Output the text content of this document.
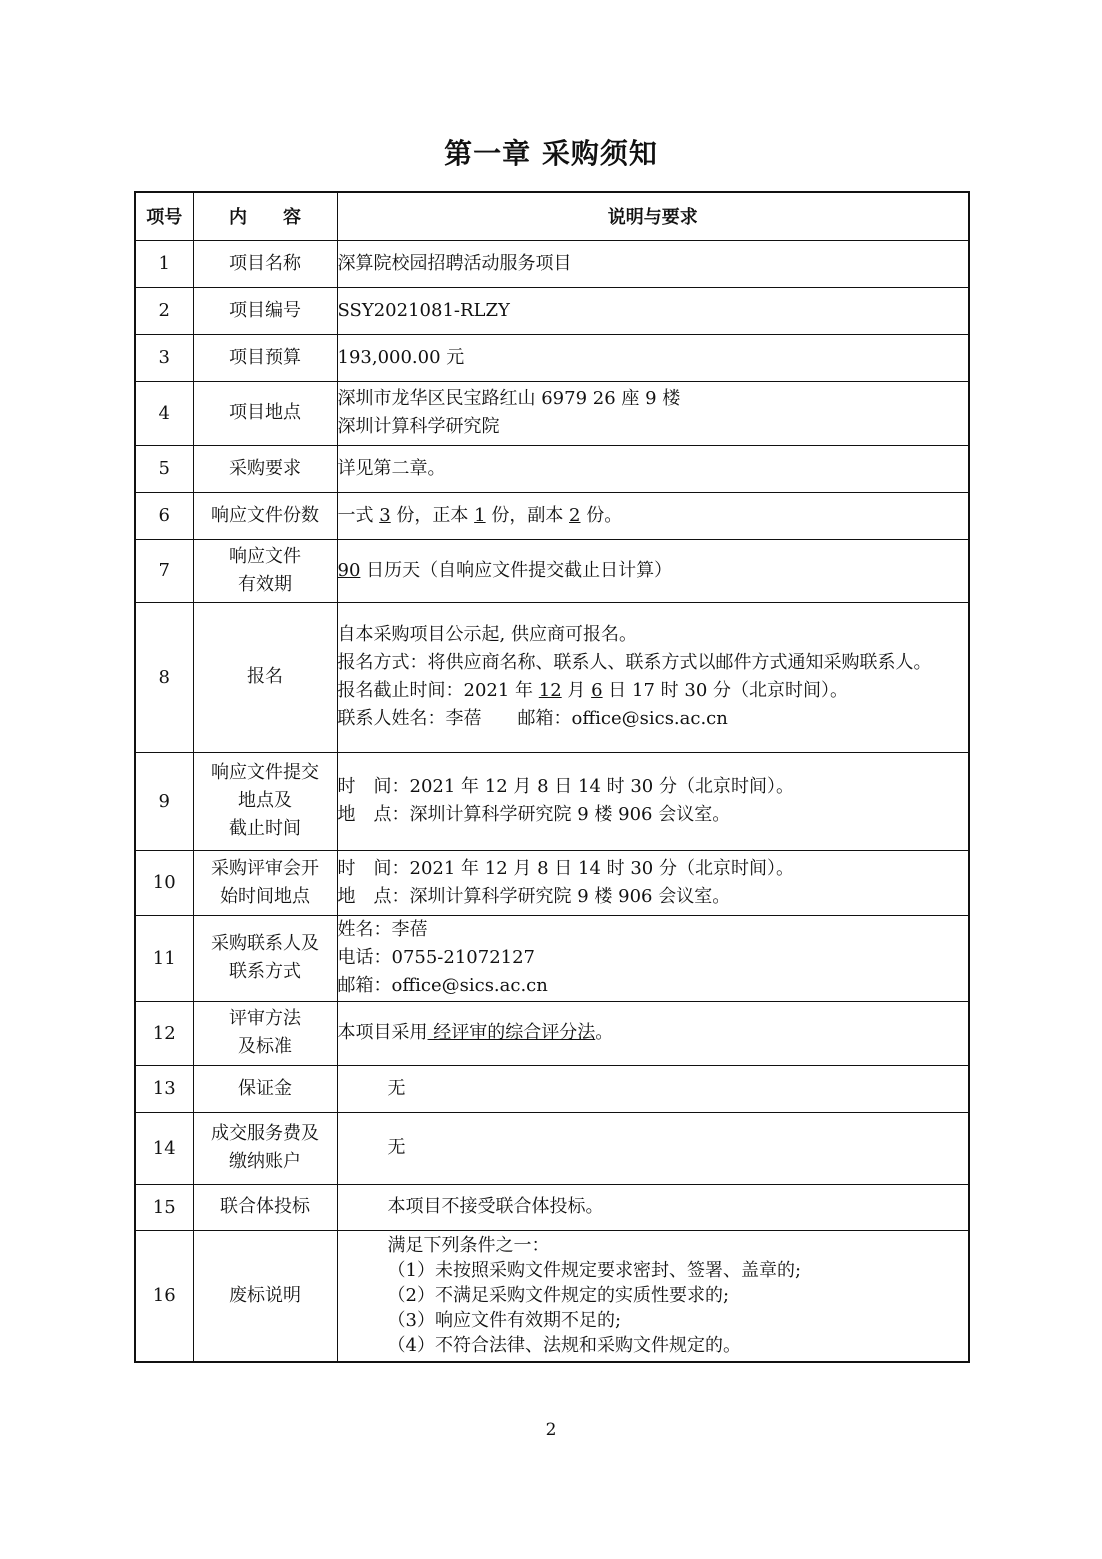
第一章 采购须知
项号	内　　容	说明与要求
1	项目名称	深算院校园招聘活动服务项目
2	项目编号	SSY2021081-RLZY
3	项目预算	193,000.00 元
4	项目地点	深圳市龙华区民宝路红山 6979 26 座 9 楼
深圳计算科学研究院

5	采购要求	详见第二章。
6	响应文件份数	一式 3 份，正本 1 份，副本 2 份。
7	响应文件
有效期	90 日历天（自响应文件提交截止日计算）
8	报名	自本采购项目公示起, 供应商可报名。
报名方式：将供应商名称、联系人、联系方式以邮件方式通知采购联系人。
报名截止时间：2021 年 12 月 6 日 17 时 30 分（北京时间）。
联系人姓名：李蓓　　邮箱：office@sics.ac.cn

9	响应文件提交
地点及
截止时间	时　间：2021 年 12 月 8 日 14 时 30 分（北京时间）。
地　点：深圳计算科学研究院 9 楼 906 会议室。

10	采购评审会开
始时间地点	时　间：2021 年 12 月 8 日 14 时 30 分（北京时间）。
地　点：深圳计算科学研究院 9 楼 906 会议室。

11	采购联系人及
联系方式	姓名：李蓓
电话：0755-21072127
邮箱：office@sics.ac.cn

12	评审方法
及标准	本项目采用 经评审的综合评分法。
13	保证金	无
14	成交服务费及
缴纳账户	无
15	联合体投标	本项目不接受联合体投标。
16	废标说明	满足下列条件之一：
（1）未按照采购文件规定要求密封、签署、盖章的;
（2）不满足采购文件规定的实质性要求的;
（3）响应文件有效期不足的;
（4）不符合法律、法规和采购文件规定的。
2
